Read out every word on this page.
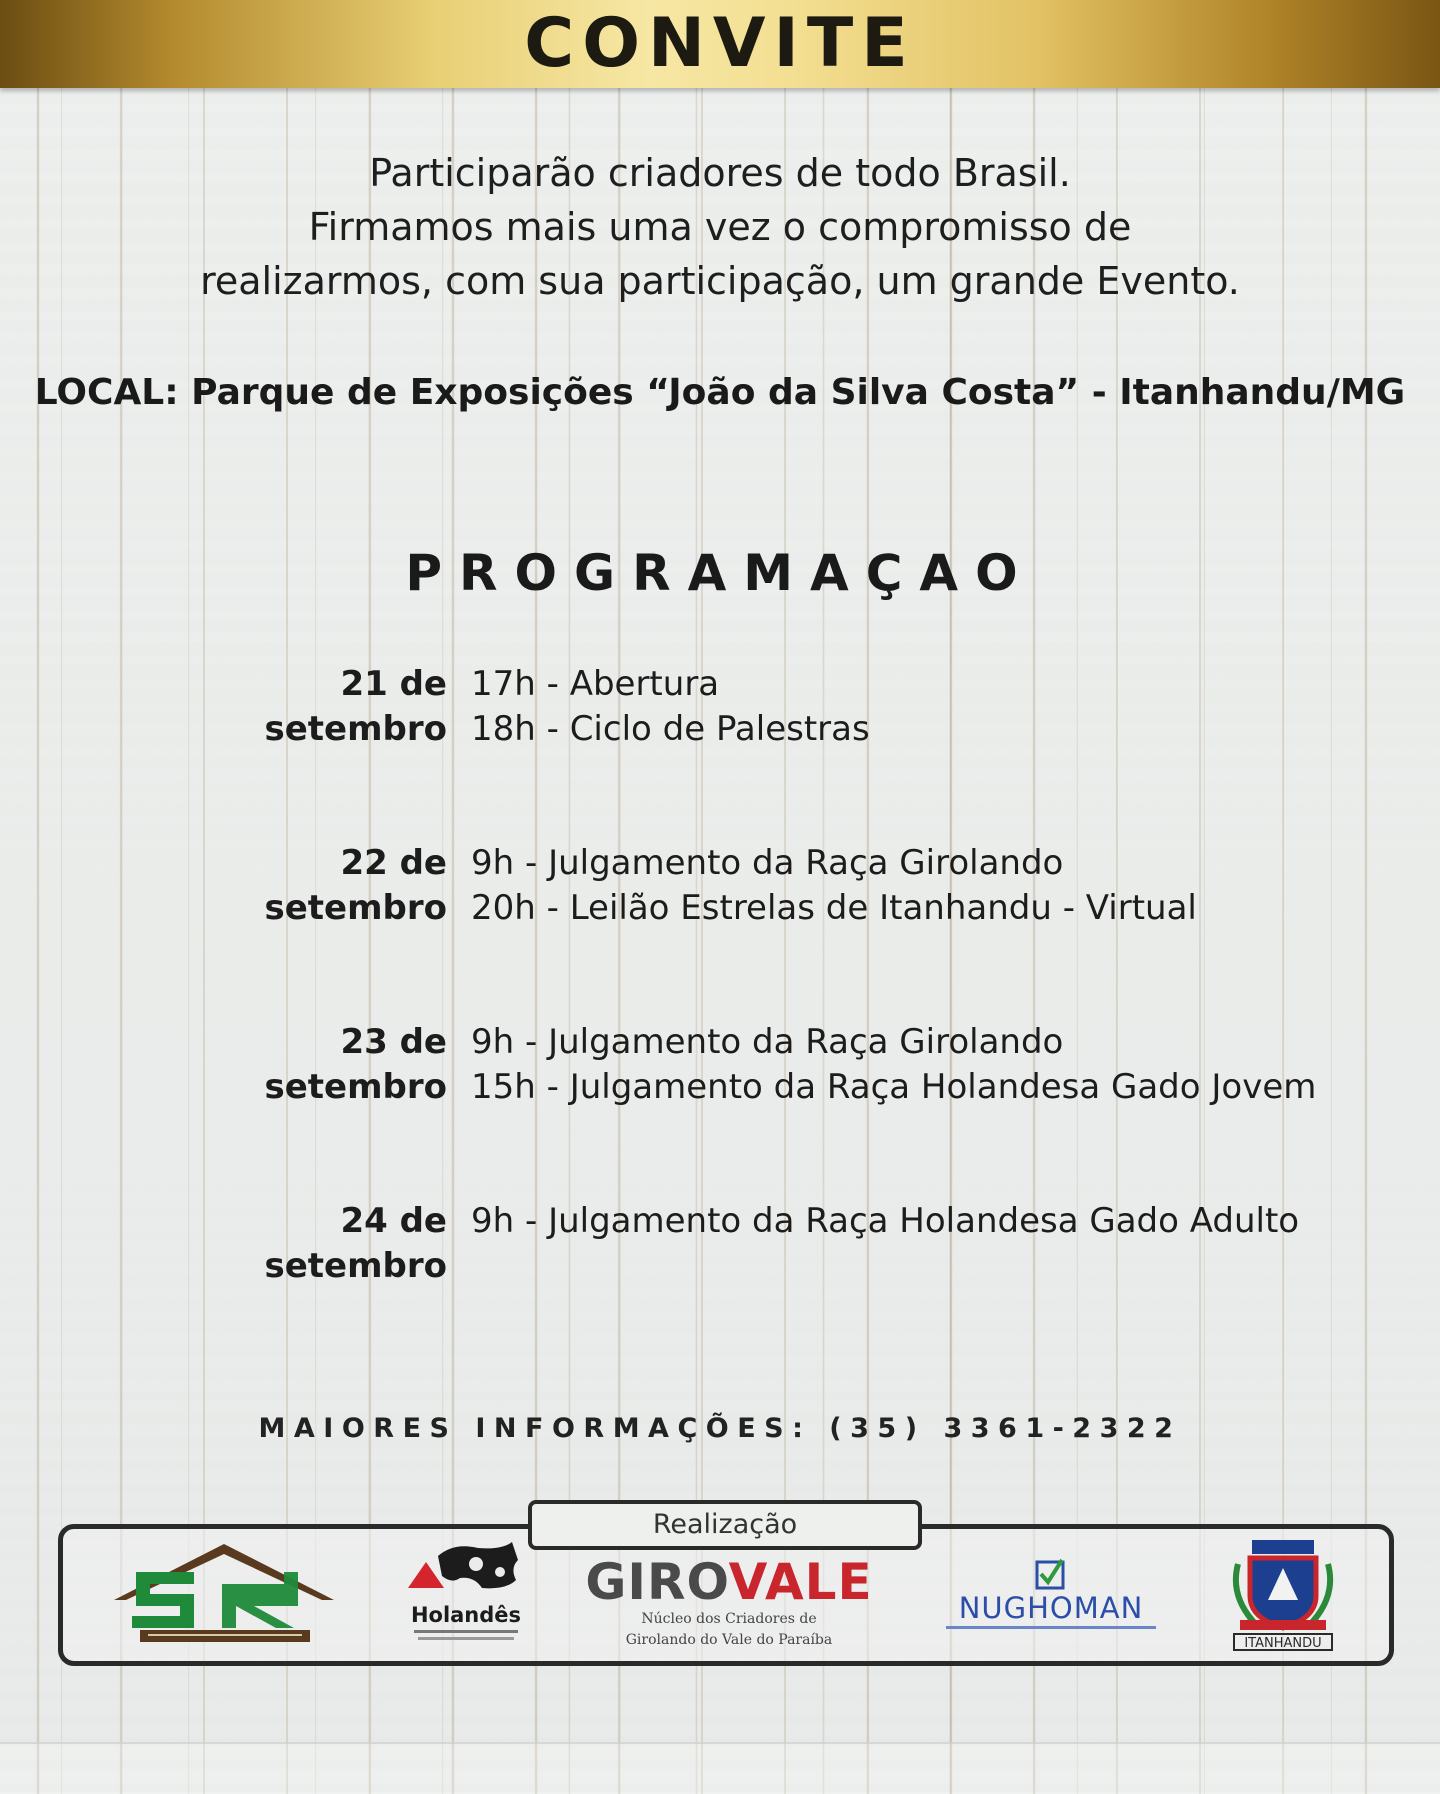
CONVITE
Participarão criadores de todo Brasil.
Firmamos mais uma vez o compromisso de
realizarmos, com sua participação, um grande Evento.
LOCAL: Parque de Exposições “João da Silva Costa” - Itanhandu/MG
PROGRAMAÇAO
21 de
setembro
17h - Abertura
18h - Ciclo de Palestras
22 de
setembro
9h - Julgamento da Raça Girolando
20h - Leilão Estrelas de Itanhandu - Virtual
23 de
setembro
9h - Julgamento da Raça Girolando
15h - Julgamento da Raça Holandesa Gado Jovem
24 de
setembro
9h - Julgamento da Raça Holandesa Gado Adulto
MAIORES INFORMAÇÕES: (35) 3361-2322
Realização
Holandês
GIROVALE
Núcleo dos Criadores de
Girolando do Vale do Paraíba
NUGHOMAN
ITANHANDU
